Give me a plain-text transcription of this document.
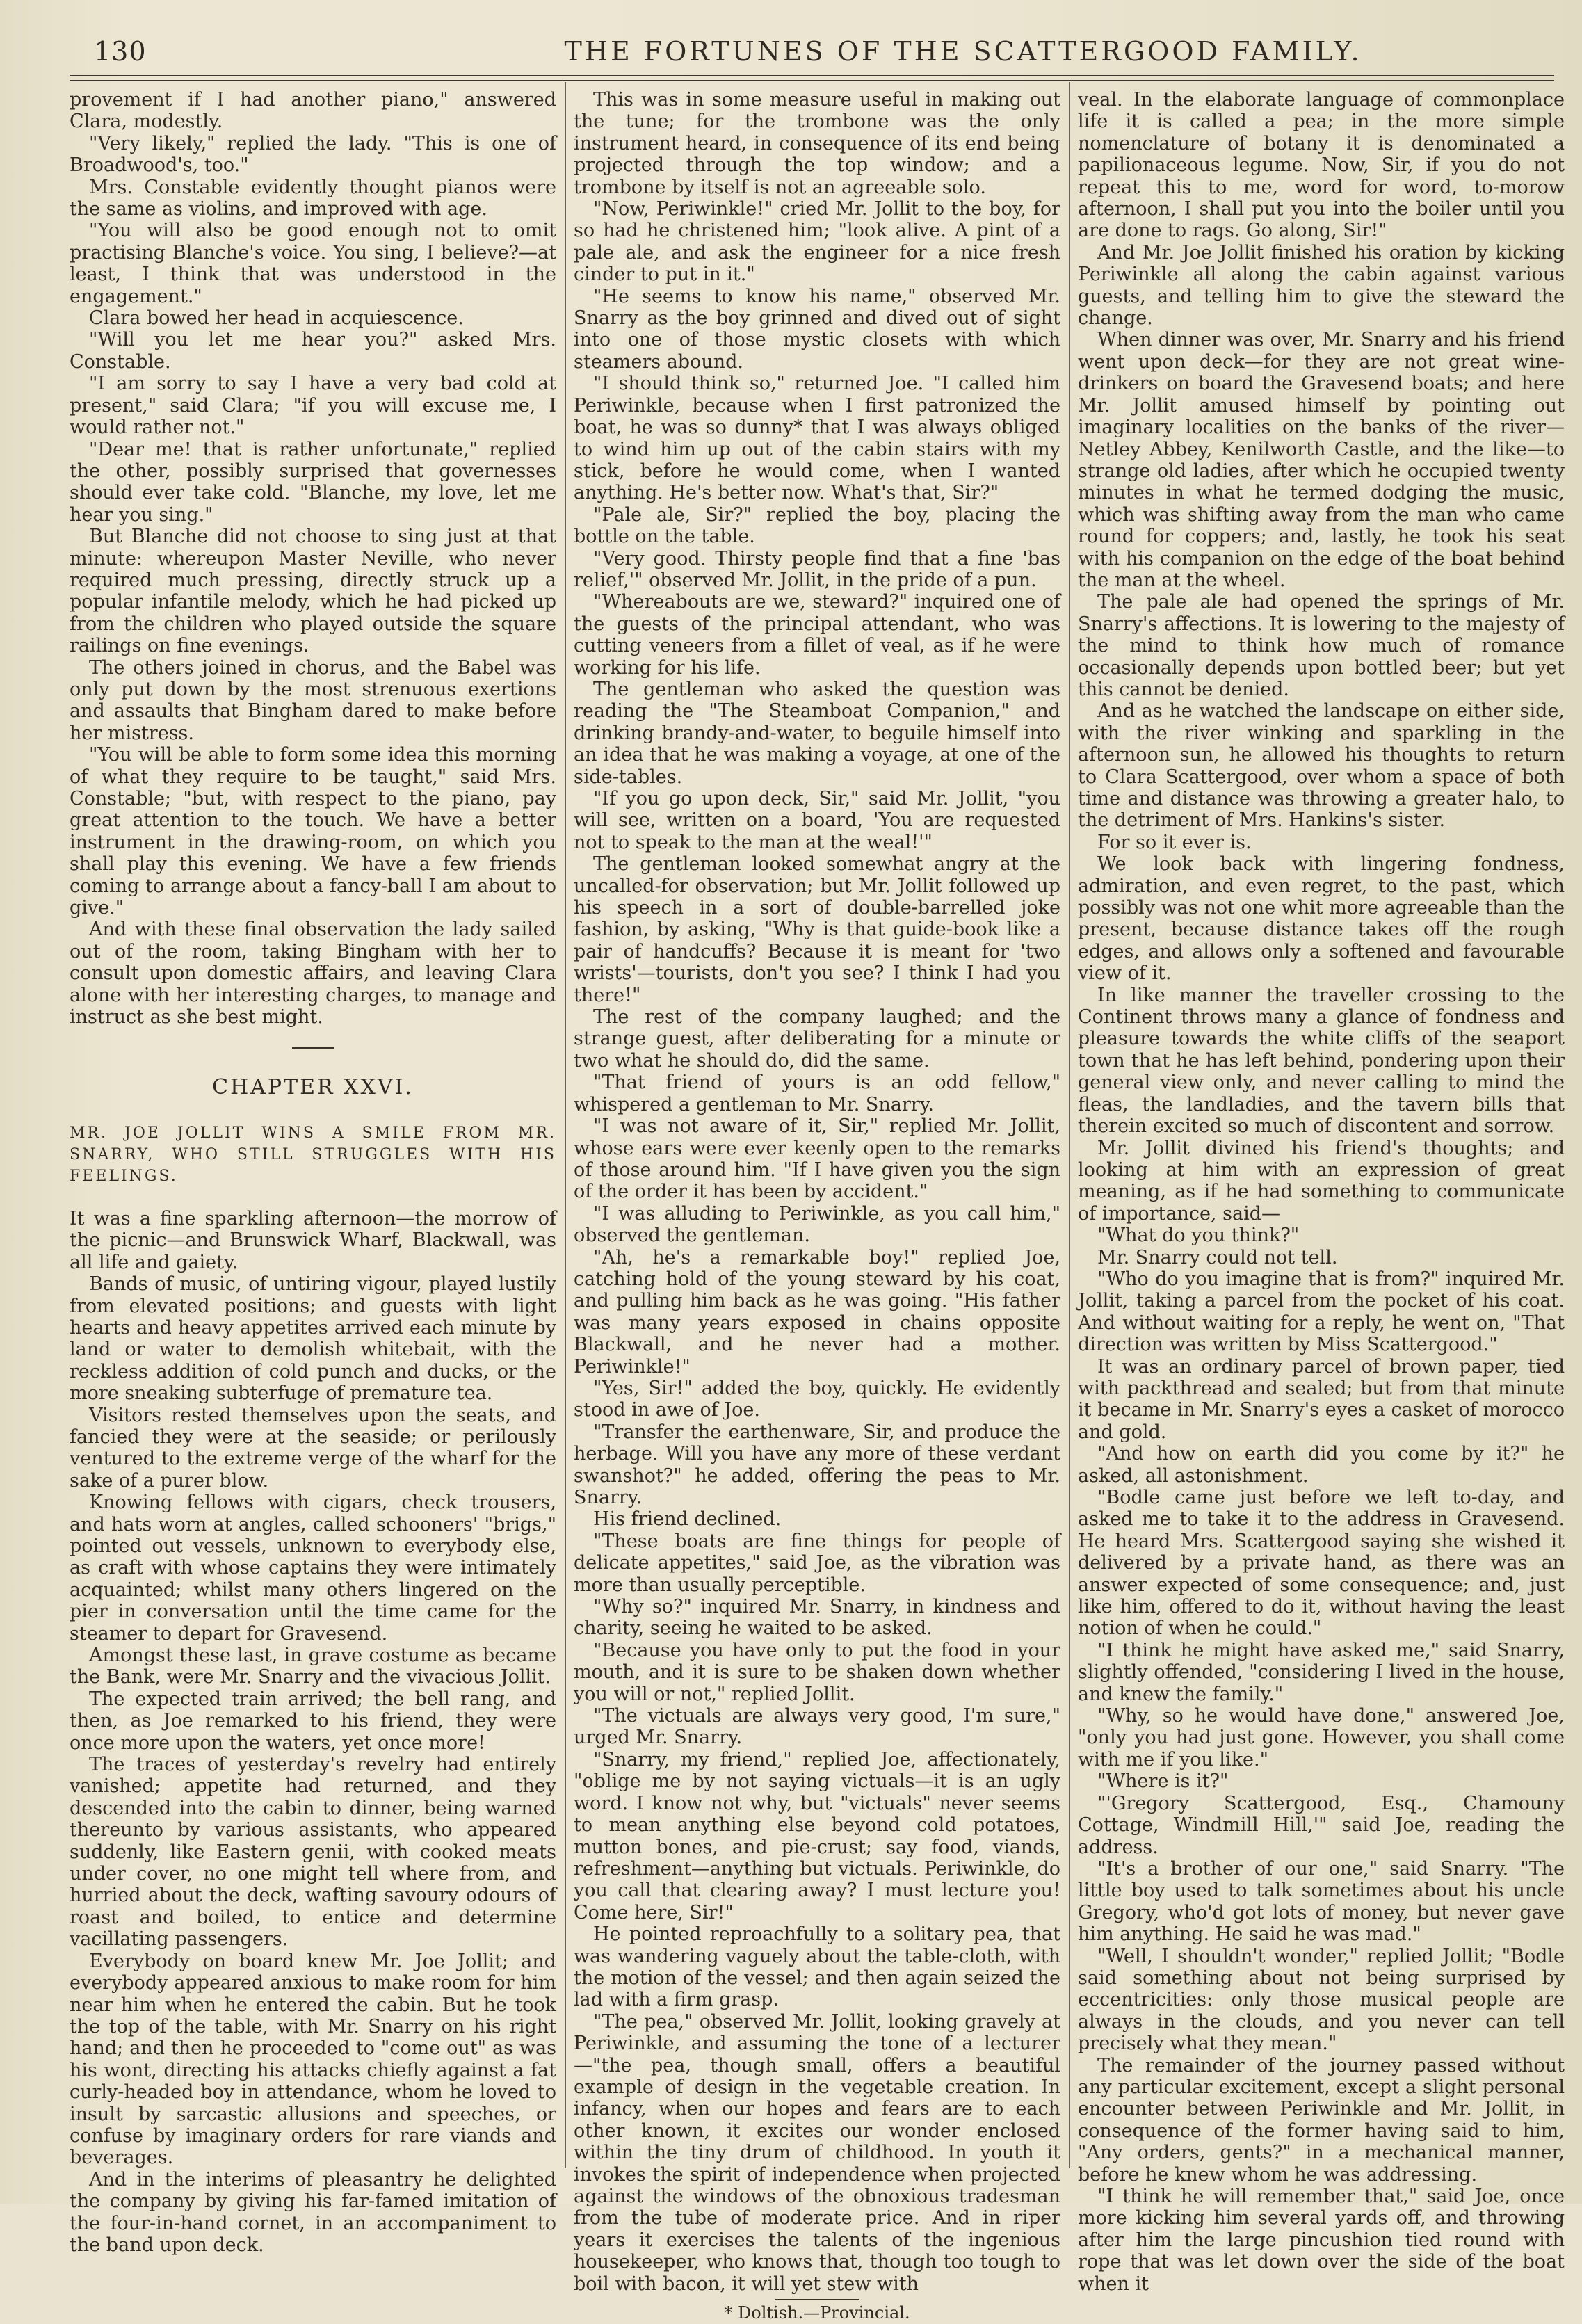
130	THE FORTUNES OF THE SCATTERGOOD FAMILY.

provement if I had another piano," answered Clara, modestly.

"Very likely," replied the lady. "This is one of Broadwood's, too."

Mrs. Constable evidently thought pianos were the same as violins, and improved with age.

"You will also be good enough not to omit practising Blanche's voice. You sing, I believe?—at least, I think that was understood in the engagement."

Clara bowed her head in acquiescence.

"Will you let me hear you?" asked Mrs. Constable.

"I am sorry to say I have a very bad cold at present," said Clara; "if you will excuse me, I would rather not."

"Dear me! that is rather unfortunate," replied the other, possibly surprised that governesses should ever take cold. "Blanche, my love, let me hear you sing."

But Blanche did not choose to sing just at that minute: whereupon Master Neville, who never required much pressing, directly struck up a popular infantile melody, which he had picked up from the children who played outside the square railings on fine evenings.

The others joined in chorus, and the Babel was only put down by the most strenuous exertions and assaults that Bingham dared to make before her mistress.

"You will be able to form some idea this morning of what they require to be taught," said Mrs. Constable; "but, with respect to the piano, pay great attention to the touch. We have a better instrument in the drawing-room, on which you shall play this evening. We have a few friends coming to arrange about a fancy-ball I am about to give."

And with these final observation the lady sailed out of the room, taking Bingham with her to consult upon domestic affairs, and leaving Clara alone with her interesting charges, to manage and instruct as she best might.

CHAPTER XXVI.
MR. JOE JOLLIT WINS A SMILE FROM MR. SNARRY, WHO STILL STRUGGLES WITH HIS FEELINGS.

It was a fine sparkling afternoon—the morrow of the picnic—and Brunswick Wharf, Blackwall, was all life and gaiety.

Bands of music, of untiring vigour, played lustily from elevated positions; and guests with light hearts and heavy appetites arrived each minute by land or water to demolish whitebait, with the reckless addition of cold punch and ducks, or the more sneaking subterfuge of premature tea.

Visitors rested themselves upon the seats, and fancied they were at the seaside; or perilously ventured to the extreme verge of the wharf for the sake of a purer blow.

Knowing fellows with cigars, check trousers, and hats worn at angles, called schooners' "brigs," pointed out vessels, unknown to everybody else, as craft with whose captains they were intimately acquainted; whilst many others lingered on the pier in conversation until the time came for the steamer to depart for Gravesend.

Amongst these last, in grave costume as became the Bank, were Mr. Snarry and the vivacious Jollit.

The expected train arrived; the bell rang, and then, as Joe remarked to his friend, they were once more upon the waters, yet once more!

The traces of yesterday's revelry had entirely vanished; appetite had returned, and they descended into the cabin to dinner, being warned thereunto by various assistants, who appeared suddenly, like Eastern genii, with cooked meats under cover, no one might tell where from, and hurried about the deck, wafting savoury odours of roast and boiled, to entice and determine vacillating passengers.

Everybody on board knew Mr. Joe Jollit; and everybody appeared anxious to make room for him near him when he entered the cabin. But he took the top of the table, with Mr. Snarry on his right hand; and then he proceeded to "come out" as was his wont, directing his attacks chiefly against a fat curly-headed boy in attendance, whom he loved to insult by sarcastic allusions and speeches, or confuse by imaginary orders for rare viands and beverages.

And in the interims of pleasantry he delighted the company by giving his far-famed imitation of the four-in-hand cornet, in an accompaniment to the band upon deck.

This was in some measure useful in making out the tune; for the trombone was the only instrument heard, in consequence of its end being projected through the top window; and a trombone by itself is not an agreeable solo.

"Now, Periwinkle!" cried Mr. Jollit to the boy, for so had he christened him; "look alive. A pint of a pale ale, and ask the engineer for a nice fresh cinder to put in it."

"He seems to know his name," observed Mr. Snarry as the boy grinned and dived out of sight into one of those mystic closets with which steamers abound.

"I should think so," returned Joe. "I called him Periwinkle, because when I first patronized the boat, he was so dunny* that I was always obliged to wind him up out of the cabin stairs with my stick, before he would come, when I wanted anything. He's better now. What's that, Sir?"

"Pale ale, Sir?" replied the boy, placing the bottle on the table.

"Very good. Thirsty people find that a fine 'bas relief,'" observed Mr. Jollit, in the pride of a pun.

"Whereabouts are we, steward?" inquired one of the guests of the principal attendant, who was cutting veneers from a fillet of veal, as if he were working for his life.

The gentleman who asked the question was reading the "The Steamboat Companion," and drinking brandy-and-water, to beguile himself into an idea that he was making a voyage, at one of the side-tables.

"If you go upon deck, Sir," said Mr. Jollit, "you will see, written on a board, 'You are requested not to speak to the man at the weal!'"

The gentleman looked somewhat angry at the uncalled-for observation; but Mr. Jollit followed up his speech in a sort of double-barrelled joke fashion, by asking, "Why is that guide-book like a pair of handcuffs? Because it is meant for 'two wrists'—tourists, don't you see? I think I had you there!"

The rest of the company laughed; and the strange guest, after deliberating for a minute or two what he should do, did the same.

"That friend of yours is an odd fellow," whispered a gentleman to Mr. Snarry.

"I was not aware of it, Sir," replied Mr. Jollit, whose ears were ever keenly open to the remarks of those around him. "If I have given you the sign of the order it has been by accident."

"I was alluding to Periwinkle, as you call him," observed the gentleman.

"Ah, he's a remarkable boy!" replied Joe, catching hold of the young steward by his coat, and pulling him back as he was going. "His father was many years exposed in chains opposite Blackwall, and he never had a mother. Periwinkle!"

"Yes, Sir!" added the boy, quickly. He evidently stood in awe of Joe.

"Transfer the earthenware, Sir, and produce the herbage. Will you have any more of these verdant swanshot?" he added, offering the peas to Mr. Snarry.

His friend declined.

"These boats are fine things for people of delicate appetites," said Joe, as the vibration was more than usually perceptible.

"Why so?" inquired Mr. Snarry, in kindness and charity, seeing he waited to be asked.

"Because you have only to put the food in your mouth, and it is sure to be shaken down whether you will or not," replied Jollit.

"The victuals are always very good, I'm sure," urged Mr. Snarry.

"Snarry, my friend," replied Joe, affectionately, "oblige me by not saying victuals—it is an ugly word. I know not why, but "victuals" never seems to mean anything else beyond cold potatoes, mutton bones, and pie-crust; say food, viands, refreshment—anything but victuals. Periwinkle, do you call that clearing away? I must lecture you! Come here, Sir!"

He pointed reproachfully to a solitary pea, that was wandering vaguely about the table-cloth, with the motion of the vessel; and then again seized the lad with a firm grasp.

"The pea," observed Mr. Jollit, looking gravely at Periwinkle, and assuming the tone of a lecturer—"the pea, though small, offers a beautiful example of design in the vegetable creation. In infancy, when our hopes and fears are to each other known, it excites our wonder enclosed within the tiny drum of childhood. In youth it invokes the spirit of independence when projected against the windows of the obnoxious tradesman from the tube of moderate price. And in riper years it exercises the talents of the ingenious housekeeper, who knows that, though too tough to boil with bacon, it will yet stew with

* Doltish.—Provincial.

veal. In the elaborate language of commonplace life it is called a pea; in the more simple nomenclature of botany it is denominated a papilionaceous legume. Now, Sir, if you do not repeat this to me, word for word, to-morow afternoon, I shall put you into the boiler until you are done to rags. Go along, Sir!"

And Mr. Joe Jollit finished his oration by kicking Periwinkle all along the cabin against various guests, and telling him to give the steward the change.

When dinner was over, Mr. Snarry and his friend went upon deck—for they are not great wine-drinkers on board the Gravesend boats; and here Mr. Jollit amused himself by pointing out imaginary localities on the banks of the river—Netley Abbey, Kenilworth Castle, and the like—to strange old ladies, after which he occupied twenty minutes in what he termed dodging the music, which was shifting away from the man who came round for coppers; and, lastly, he took his seat with his companion on the edge of the boat behind the man at the wheel.

The pale ale had opened the springs of Mr. Snarry's affections. It is lowering to the majesty of the mind to think how much of romance occasionally depends upon bottled beer; but yet this cannot be denied.

And as he watched the landscape on either side, with the river winking and sparkling in the afternoon sun, he allowed his thoughts to return to Clara Scattergood, over whom a space of both time and distance was throwing a greater halo, to the detriment of Mrs. Hankins's sister.

For so it ever is.

We look back with lingering fondness, admiration, and even regret, to the past, which possibly was not one whit more agreeable than the present, because distance takes off the rough edges, and allows only a softened and favourable view of it.

In like manner the traveller crossing to the Continent throws many a glance of fondness and pleasure towards the white cliffs of the seaport town that he has left behind, pondering upon their general view only, and never calling to mind the fleas, the landladies, and the tavern bills that therein excited so much of discontent and sorrow.

Mr. Jollit divined his friend's thoughts; and looking at him with an expression of great meaning, as if he had something to communicate of importance, said—

"What do you think?"

Mr. Snarry could not tell.

"Who do you imagine that is from?" inquired Mr. Jollit, taking a parcel from the pocket of his coat. And without waiting for a reply, he went on, "That direction was written by Miss Scattergood."

It was an ordinary parcel of brown paper, tied with packthread and sealed; but from that minute it became in Mr. Snarry's eyes a casket of morocco and gold.

"And how on earth did you come by it?" he asked, all astonishment.

"Bodle came just before we left to-day, and asked me to take it to the address in Gravesend. He heard Mrs. Scattergood saying she wished it delivered by a private hand, as there was an answer expected of some consequence; and, just like him, offered to do it, without having the least notion of when he could."

"I think he might have asked me," said Snarry, slightly offended, "considering I lived in the house, and knew the family."

"Why, so he would have done," answered Joe, "only you had just gone. However, you shall come with me if you like."

"Where is it?"

"'Gregory Scattergood, Esq., Chamouny Cottage, Windmill Hill,'" said Joe, reading the address.

"It's a brother of our one," said Snarry. "The little boy used to talk sometimes about his uncle Gregory, who'd got lots of money, but never gave him anything. He said he was mad."

"Well, I shouldn't wonder," replied Jollit; "Bodle said something about not being surprised by eccentricities: only those musical people are always in the clouds, and you never can tell precisely what they mean."

The remainder of the journey passed without any particular excitement, except a slight personal encounter between Periwinkle and Mr. Jollit, in consequence of the former having said to him, "Any orders, gents?" in a mechanical manner, before he knew whom he was addressing.

"I think he will remember that," said Joe, once more kicking him several yards off, and throwing after him the large pincushion tied round with rope that was let down over the side of the boat when it
